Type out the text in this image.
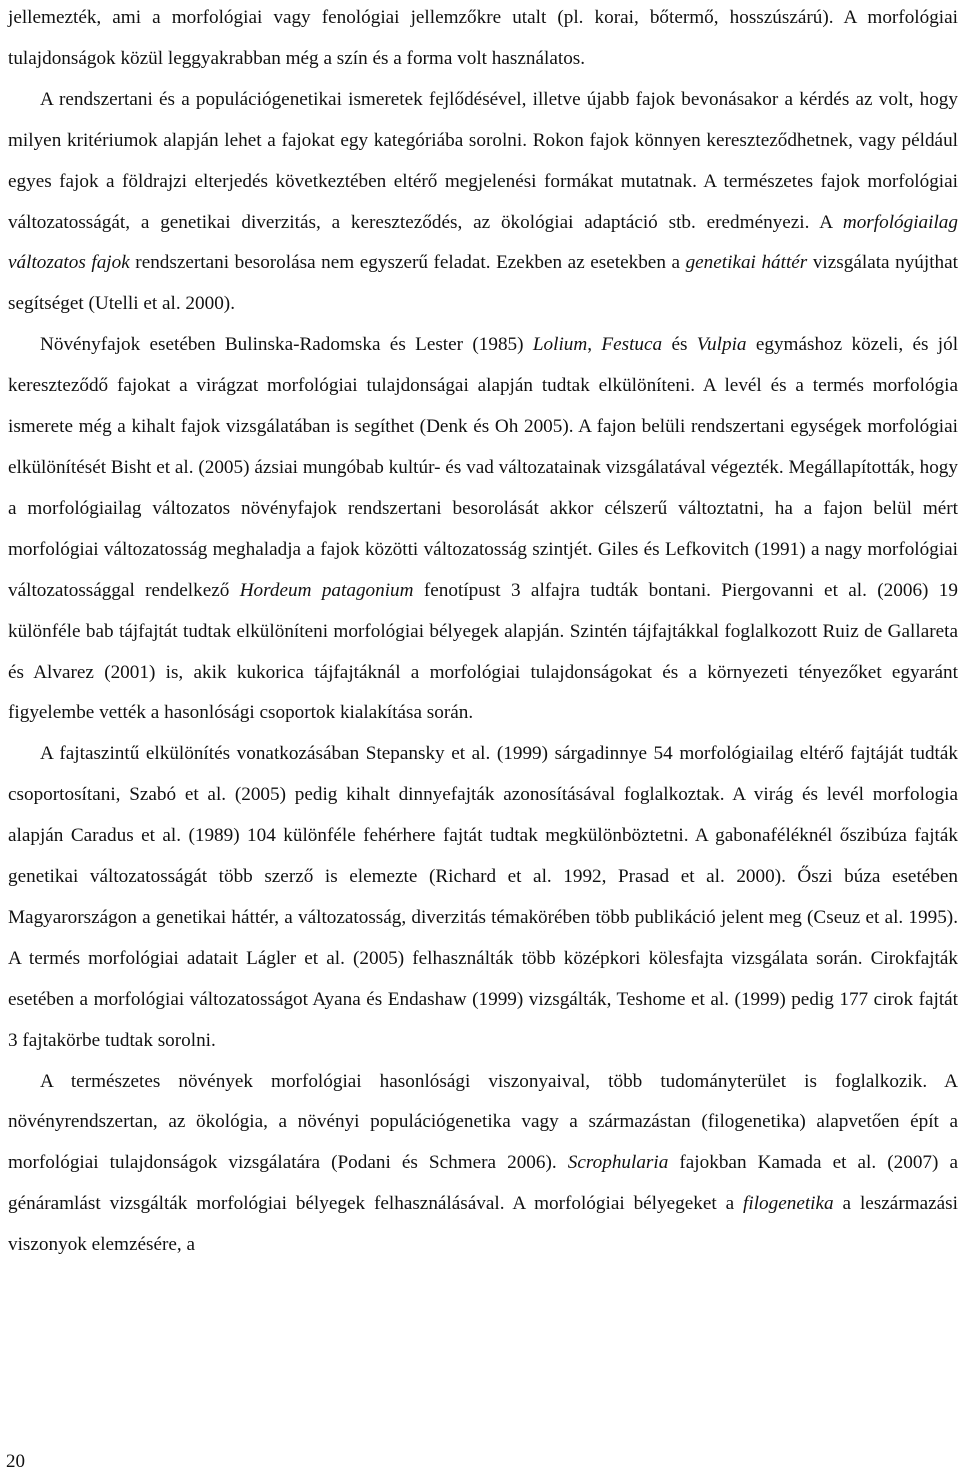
jellemezték, ami a morfológiai vagy fenológiai jellemzőkre utalt (pl. korai, bőtermő, hosszúszárú). A morfológiai tulajdonságok közül leggyakrabban még a szín és a forma volt használatos.

A rendszertani és a populációgenetikai ismeretek fejlődésével, illetve újabb fajok bevonásakor a kérdés az volt, hogy milyen kritériumok alapján lehet a fajokat egy kategóriába sorolni. Rokon fajok könnyen kereszteződhetnek, vagy például egyes fajok a földrajzi elterjedés következtében eltérő megjelenési formákat mutatnak. A természetes fajok morfológiai változatosságát, a genetikai diverzitás, a kereszteződés, az ökológiai adaptáció stb. eredményezi. A morfológiailag változatos fajok rendszertani besorolása nem egyszerű feladat. Ezekben az esetekben a genetikai háttér vizsgálata nyújthat segítséget (Utelli et al. 2000).

Növényfajok esetében Bulinska-Radomska és Lester (1985) Lolium, Festuca és Vulpia egymáshoz közeli, és jól kereszteződő fajokat a virágzat morfológiai tulajdonságai alapján tudtak elkülöníteni. A levél és a termés morfológia ismerete még a kihalt fajok vizsgálatában is segíthet (Denk és Oh 2005). A fajon belüli rendszertani egységek morfológiai elkülönítését Bisht et al. (2005) ázsiai mungóbab kultúr- és vad változatainak vizsgálatával végezték. Megállapították, hogy a morfológiailag változatos növényfajok rendszertani besorolását akkor célszerű változtatni, ha a fajon belül mért morfológiai változatosság meghaladja a fajok közötti változatosság szintjét. Giles és Lefkovitch (1991) a nagy morfológiai változatossággal rendelkező Hordeum patagonium fenotípust 3 alfajra tudták bontani. Piergovanni et al. (2006) 19 különféle bab tájfajtát tudtak elkülöníteni morfológiai bélyegek alapján. Szintén tájfajtákkal foglalkozott Ruiz de Gallareta és Alvarez (2001) is, akik kukorica tájfajtáknál a morfológiai tulajdonságokat és a környezeti tényezőket egyaránt figyelembe vették a hasonlósági csoportok kialakítása során.

A fajtaszintű elkülönítés vonatkozásában Stepansky et al. (1999) sárgadinnye 54 morfológiailag eltérő fajtáját tudták csoportosítani, Szabó et al. (2005) pedig kihalt dinnyefajták azonosításával foglalkoztak. A virág és levél morfologia alapján Caradus et al. (1989) 104 különféle fehérhere fajtát tudtak megkülönböztetni. A gabonaféléknél őszibúza fajták genetikai változatosságát több szerző is elemezte (Richard et al. 1992, Prasad et al. 2000). Őszi búza esetében Magyarországon a genetikai háttér, a változatosság, diverzitás témakörében több publikáció jelent meg (Cseuz et al. 1995). A termés morfológiai adatait Lágler et al. (2005) felhasználták több középkori kölesfajta vizsgálata során. Cirokfajták esetében a morfológiai változatosságot Ayana és Endashaw (1999) vizsgálták, Teshome et al. (1999) pedig 177 cirok fajtát 3 fajtakörbe tudtak sorolni.

A természetes növények morfológiai hasonlósági viszonyaival, több tudományterület is foglalkozik. A növényrendszertan, az ökológia, a növényi populációgenetika vagy a származástan (filogenetika) alapvetően épít a morfológiai tulajdonságok vizsgálatára (Podani és Schmera 2006). Scrophularia fajokban Kamada et al. (2007) a génáramlást vizsgálták morfológiai bélyegek felhasználásával. A morfológiai bélyegeket a filogenetika a leszármazási viszonyok elemzésére, a

20
